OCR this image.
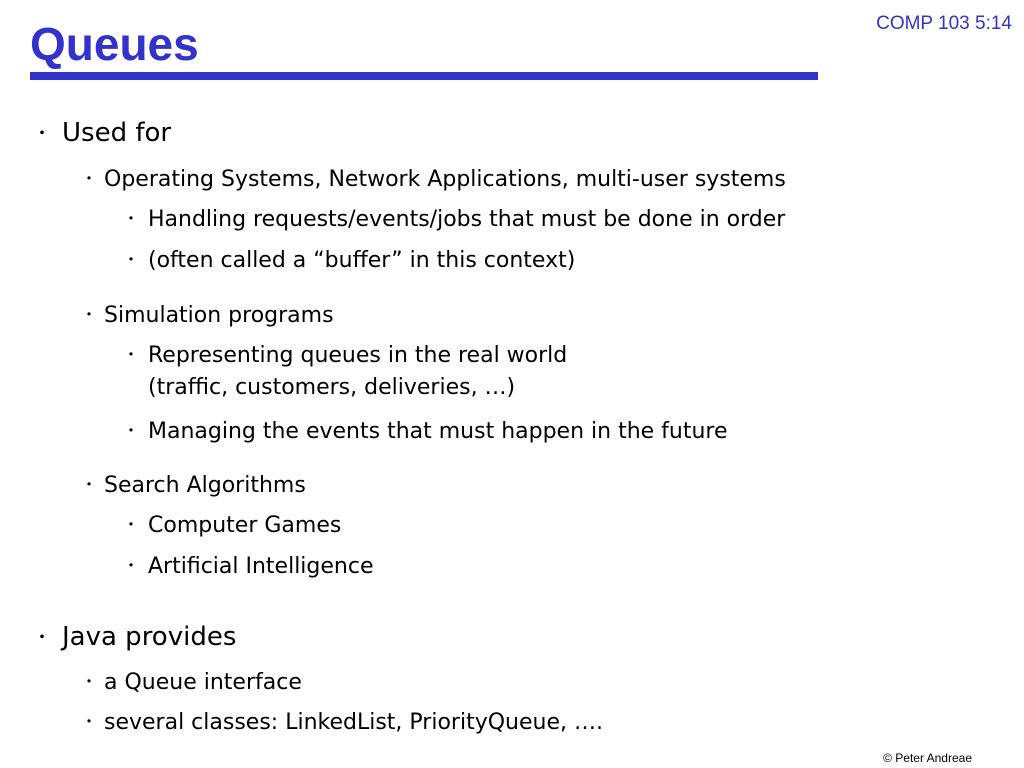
Queues	COMP 103 5:14
・ Used for
・ Operating Systems, Network Applications, multi-user systems
・ Handling requests/events/jobs that must be done in order
・ (often called a “buffer” in this context)
・ Simulation programs
・ Representing queues in the real world
(traffic, customers, deliveries, …)
・ Managing the events that must happen in the future
・ Search Algorithms
・ Computer Games
・ Artificial Intelligence
・ Java provides
・ a Queue interface
・ several classes: LinkedList, PriorityQueue, ….
© Peter Andreae
